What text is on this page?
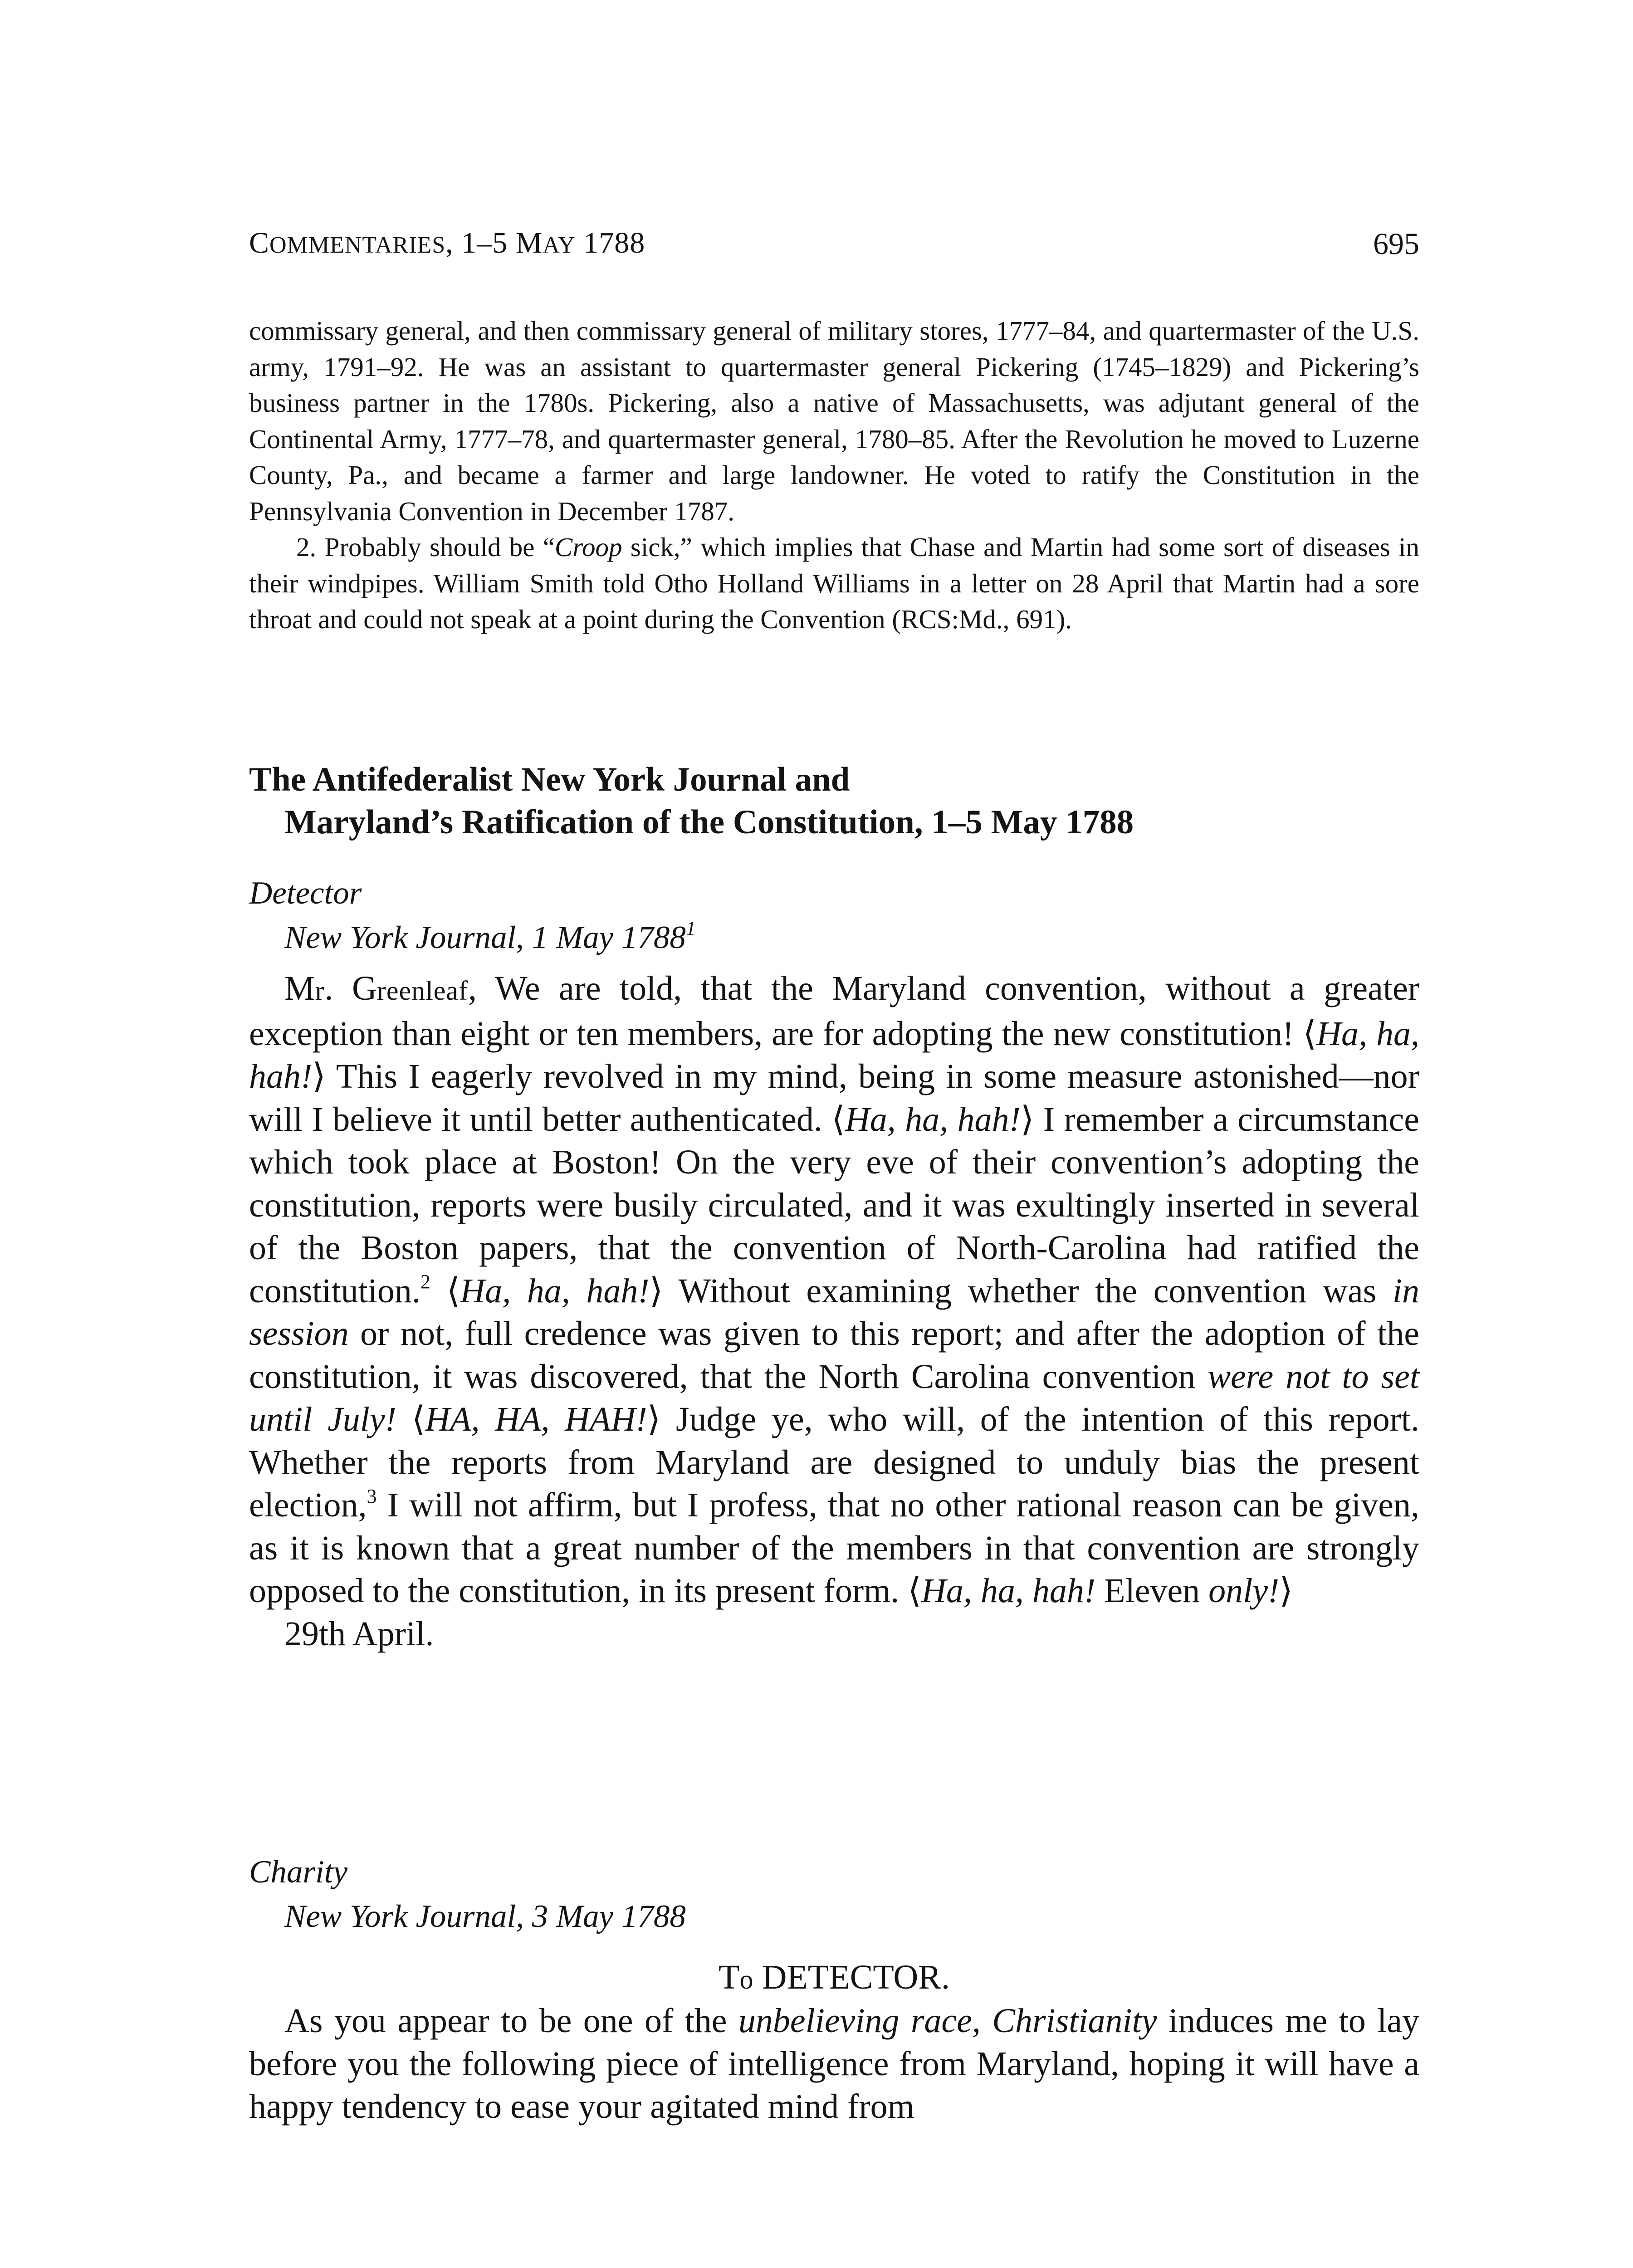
COMMENTARIES, 1–5 MAY 1788	695

commissary general, and then commissary general of military stores, 1777–84, and quartermaster of the U.S. army, 1791–92. He was an assistant to quartermaster general Pickering (1745–1829) and Pickering’s business partner in the 1780s. Pickering, also a native of Massachusetts, was adjutant general of the Continental Army, 1777–78, and quartermaster general, 1780–85. After the Revolution he moved to Luzerne County, Pa., and became a farmer and large landowner. He voted to ratify the Constitution in the Pennsylvania Convention in December 1787.

2. Probably should be “Croop sick,” which implies that Chase and Martin had some sort of diseases in their windpipes. William Smith told Otho Holland Williams in a letter on 28 April that Martin had a sore throat and could not speak at a point during the Convention (RCS:Md., 691).

The Antifederalist New York Journal and
Maryland’s Ratification of the Constitution, 1–5 May 1788
Detector
New York Journal, 1 May 1788$^1$

Mr. Greenleaf, We are told, that the Maryland convention, without a greater exception than eight or ten members, are for adopting the new constitution! ⟨Ha, ha, hah!⟩ This I eagerly revolved in my mind, being in some measure astonished—nor will I believe it until better authenticated. ⟨Ha, ha, hah!⟩ I remember a circumstance which took place at Boston! On the very eve of their convention’s adopting the constitution, reports were busily circulated, and it was exultingly inserted in several of the Boston papers, that the convention of North-Carolina had ratified the constitution.$^2$ ⟨Ha, ha, hah!⟩ Without examining whether the convention was in session or not, full credence was given to this report; and after the adoption of the constitution, it was discovered, that the North Carolina convention were not to set until July! ⟨HA, HA, HAH!⟩ Judge ye, who will, of the intention of this report. Whether the reports from Maryland are designed to unduly bias the present election,$^3$ I will not affirm, but I profess, that no other rational reason can be given, as it is known that a great number of the members in that convention are strongly opposed to the constitution, in its present form. ⟨Ha, ha, hah! Eleven only!⟩

29th April.

Charity
New York Journal, 3 May 1788
To DETECTOR.

As you appear to be one of the unbelieving race, Christianity induces me to lay before you the following piece of intelligence from Maryland, hoping it will have a happy tendency to ease your agitated mind from
